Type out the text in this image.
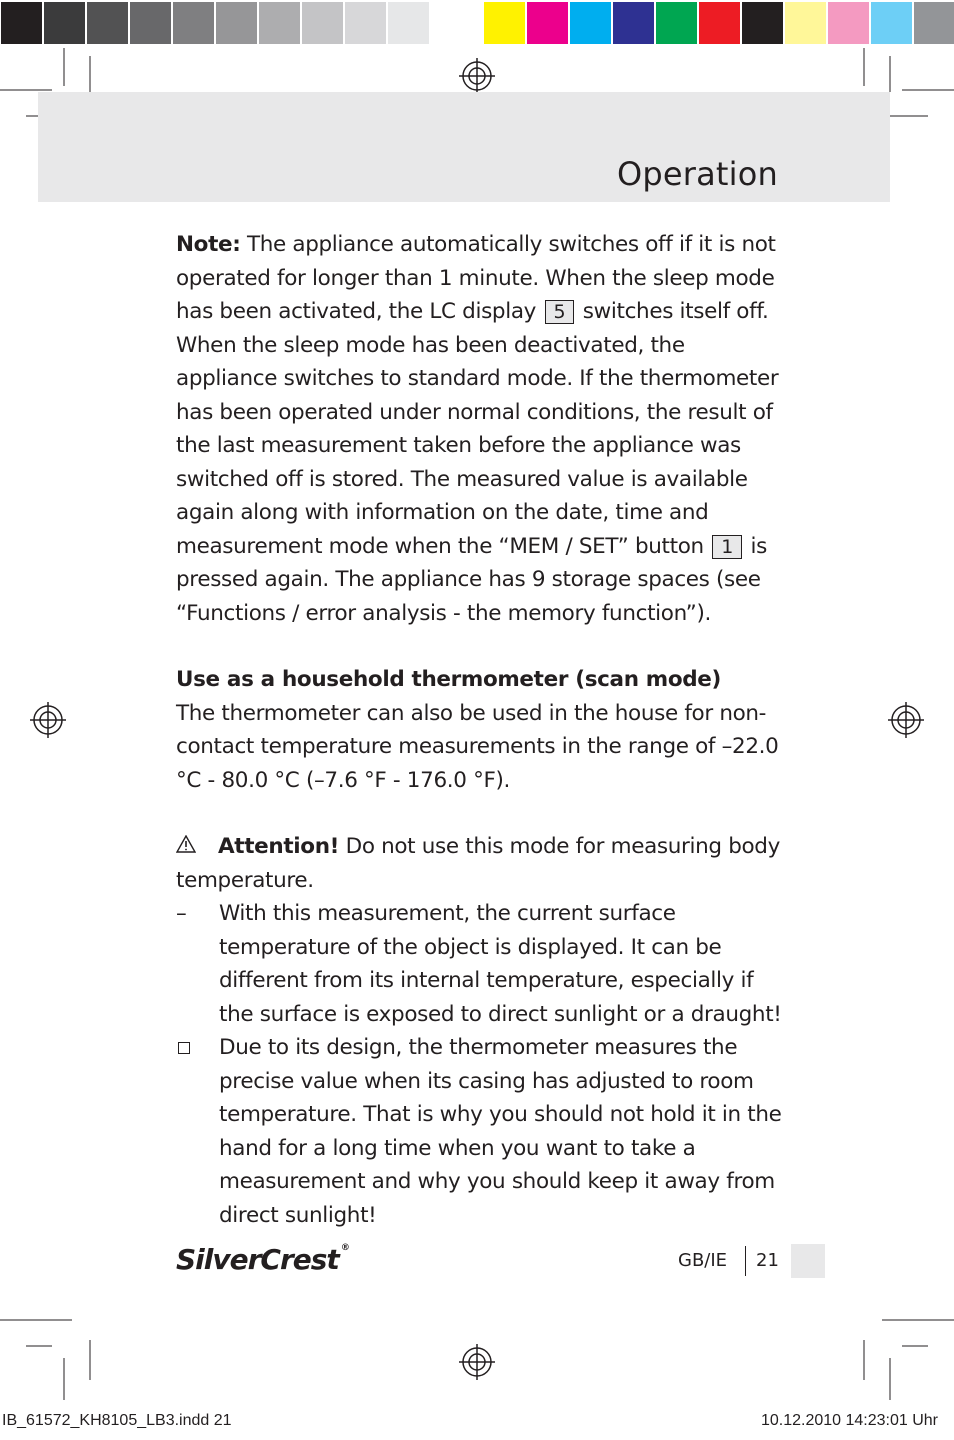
Operation

Note: The appliance automatically switches off if it is not operated for longer than 1 minute. When the sleep mode has been activated, the LC display 5 switches itself off. When the sleep mode has been deactivated, the appliance switches to standard mode. If the thermometer has been operated under normal conditions, the result of the last measurement taken before the appliance was switched off is stored. The measured value is available again along with information on the date, time and measurement mode when the “MEM / SET” button 1 is pressed again. The appliance has 9 storage spaces (see “Functions / error analysis - the memory function”).

Use as a household thermometer (scan mode)

The thermometer can also be used in the house for non-contact temperature measurements in the range of –22.0 °C - 80.0 °C (–7.6 °F - 176.0 °F).

Attention! Do not use this mode for measuring body temperature.

–	With this measurement, the current surface temperature of the object is displayed. It can be different from its internal temperature, especially if the surface is exposed to direct sunlight or a draught!
Due to its design, the thermometer measures the precise value when its casing has adjusted to room temperature. That is why you should not hold it in the hand for a long time when you want to take a measurement and why you should keep it away from direct sunlight!
SilverCrest ®
GB/IE 21
IB_61572_KH8105_LB3.indd 21	10.12.2010 14:23:01 Uhr
